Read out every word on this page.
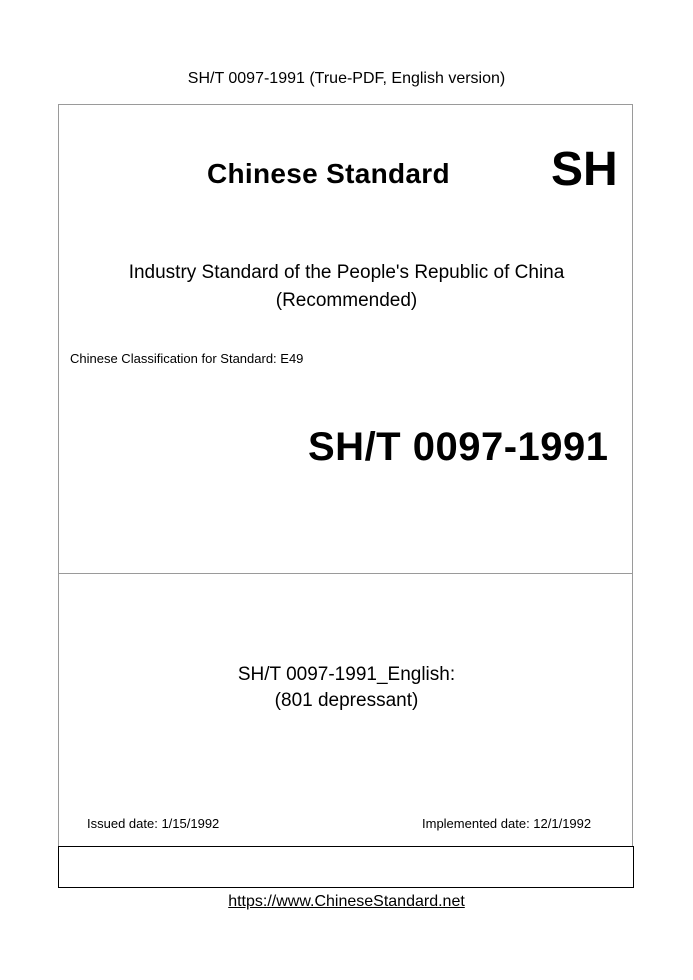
SH/T 0097-1991 (True-PDF, English version)
Chinese Standard SH
Industry Standard of the People's Republic of China
(Recommended)
Chinese Classification for Standard: E49
SH/T 0097-1991
SH/T 0097-1991_English:
(801 depressant)
Issued date: 1/15/1992	Implemented date: 12/1/1992
https://www.ChineseStandard.net
